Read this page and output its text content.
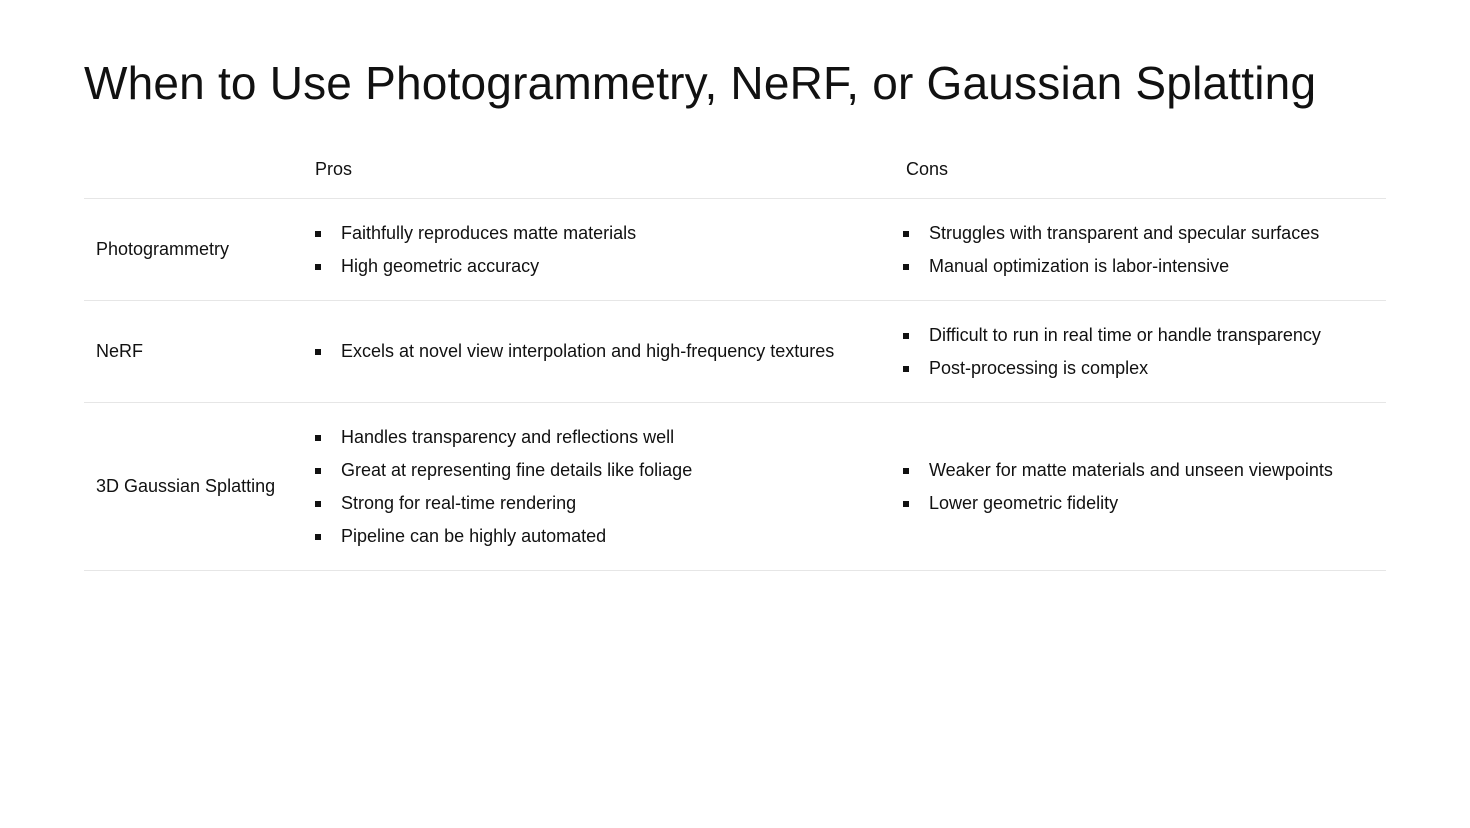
When to Use Photogrammetry, NeRF, or Gaussian Splatting
Pros	Cons
Photogrammetry
Faithfully reproduces matte materials
High geometric accuracy
Struggles with transparent and specular surfaces
Manual optimization is labor-intensive
NeRF	Excels at novel view interpolation and high-frequency textures
Difficult to run in real time or handle transparency
Post-processing is complex
3D Gaussian Splatting
Handles transparency and reflections well
Great at representing fine details like foliage
Strong for real-time rendering
Pipeline can be highly automated
Weaker for matte materials and unseen viewpoints
Lower geometric fidelity
